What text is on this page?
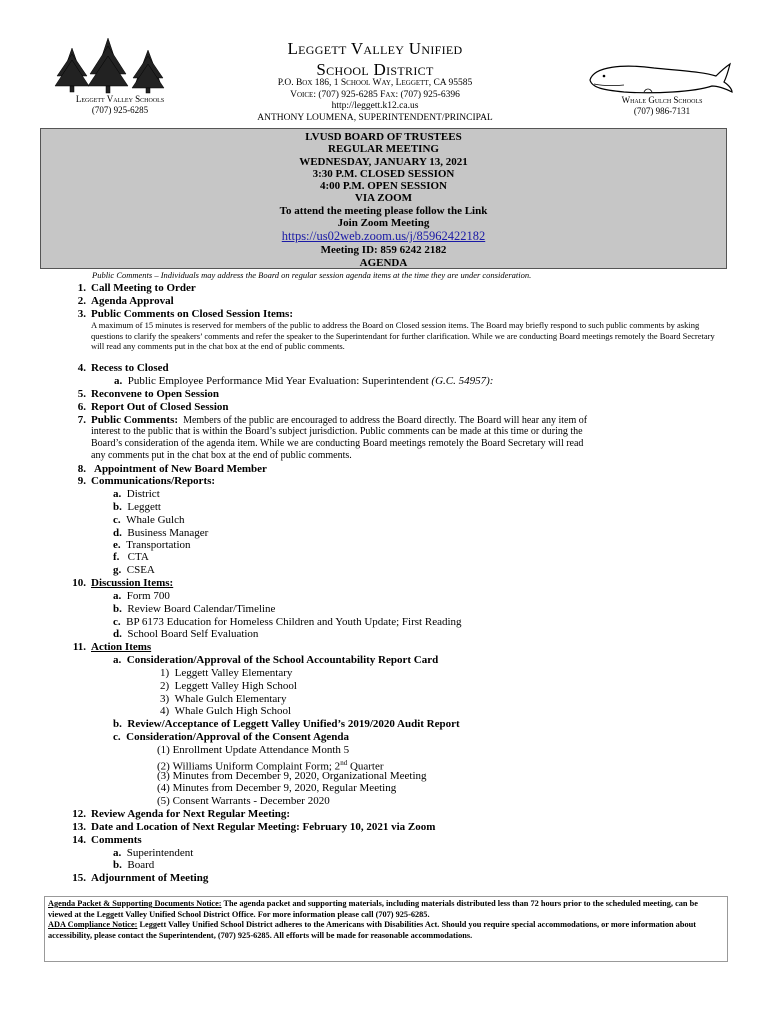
Leggett Valley Schools
(707) 925-6285
Leggett Valley Unified
School District
P.O. Box 186, 1 School Way, Leggett, CA 95585
Voice: (707) 925-6285 Fax: (707) 925-6396
http://leggett.k12.ca.us
ANTHONY LOUMENA, SUPERINTENDENT/PRINCIPAL
Whale Gulch Schools
(707) 986-7131
LVUSD BOARD OF TRUSTEES
REGULAR MEETING
WEDNESDAY, JANUARY 13, 2021
3:30 P.M. CLOSED SESSION
4:00 P.M. OPEN SESSION
VIA ZOOM
To attend the meeting please follow the Link
Join Zoom Meeting
https://us02web.zoom.us/j/85962422182
Meeting ID: 859 6242 2182
AGENDA
Public Comments – Individuals may address the Board on regular session agenda items at the time they are under consideration.
1. Call Meeting to Order
2. Agenda Approval
3. Public Comments on Closed Session Items:
A maximum of 15 minutes is reserved for members of the public to address the Board on Closed session items. The Board may briefly respond to such public comments by asking questions to clarify the speakers’ comments and refer the speaker to the Superintendant for further clarification. While we are conducting Board meetings remotely the Board Secretary will read any comments put in the chat box at the end of public comments.
4. Recess to Closed
a. Public Employee Performance Mid Year Evaluation: Superintendent (G.C. 54957):
5. Reconvene to Open Session
6. Report Out of Closed Session
7. Public Comments: Members of the public are encouraged to address the Board directly. The Board will hear any item of
interest to the public that is within the Board’s subject jurisdiction. Public comments can be made at this time or during the
Board’s consideration of the agenda item. While we are conducting Board meetings remotely the Board Secretary will read
any comments put in the chat box at the end of public comments.
8. Appointment of New Board Member
9. Communications/Reports:
a. District
b. Leggett
c. Whale Gulch
d. Business Manager
e. Transportation
f. CTA
g. CSEA
10. Discussion Items:
a. Form 700
b. Review Board Calendar/Timeline
c. BP 6173 Education for Homeless Children and Youth Update; First Reading
d. School Board Self Evaluation
11. Action Items
a. Consideration/Approval of the School Accountability Report Card
1)  Leggett Valley Elementary
2)  Leggett Valley High School
3)  Whale Gulch Elementary
4)  Whale Gulch High School
b. Review/Acceptance of Leggett Valley Unified’s 2019/2020 Audit Report
c. Consideration/Approval of the Consent Agenda
(1) Enrollment Update Attendance Month 5
(2) Williams Uniform Complaint Form; 2nd Quarter
(3) Minutes from December 9, 2020, Organizational Meeting
(4) Minutes from December 9, 2020, Regular Meeting
(5) Consent Warrants - December 2020
12. Review Agenda for Next Regular Meeting:
13. Date and Location of Next Regular Meeting: February 10, 2021 via Zoom
14. Comments
a. Superintendent
b. Board
15. Adjournment of Meeting
Agenda Packet & Supporting Documents Notice: The agenda packet and supporting materials, including materials distributed less than 72 hours prior to the scheduled meeting, can be viewed at the Leggett Valley Unified School District Office. For more information please call (707) 925-6285.
ADA Compliance Notice: Leggett Valley Unified School District adheres to the Americans with Disabilities Act. Should you require special accommodations, or more information about accessibility, please contact the Superintendent, (707) 925-6285. All efforts will be made for reasonable accommodations.
